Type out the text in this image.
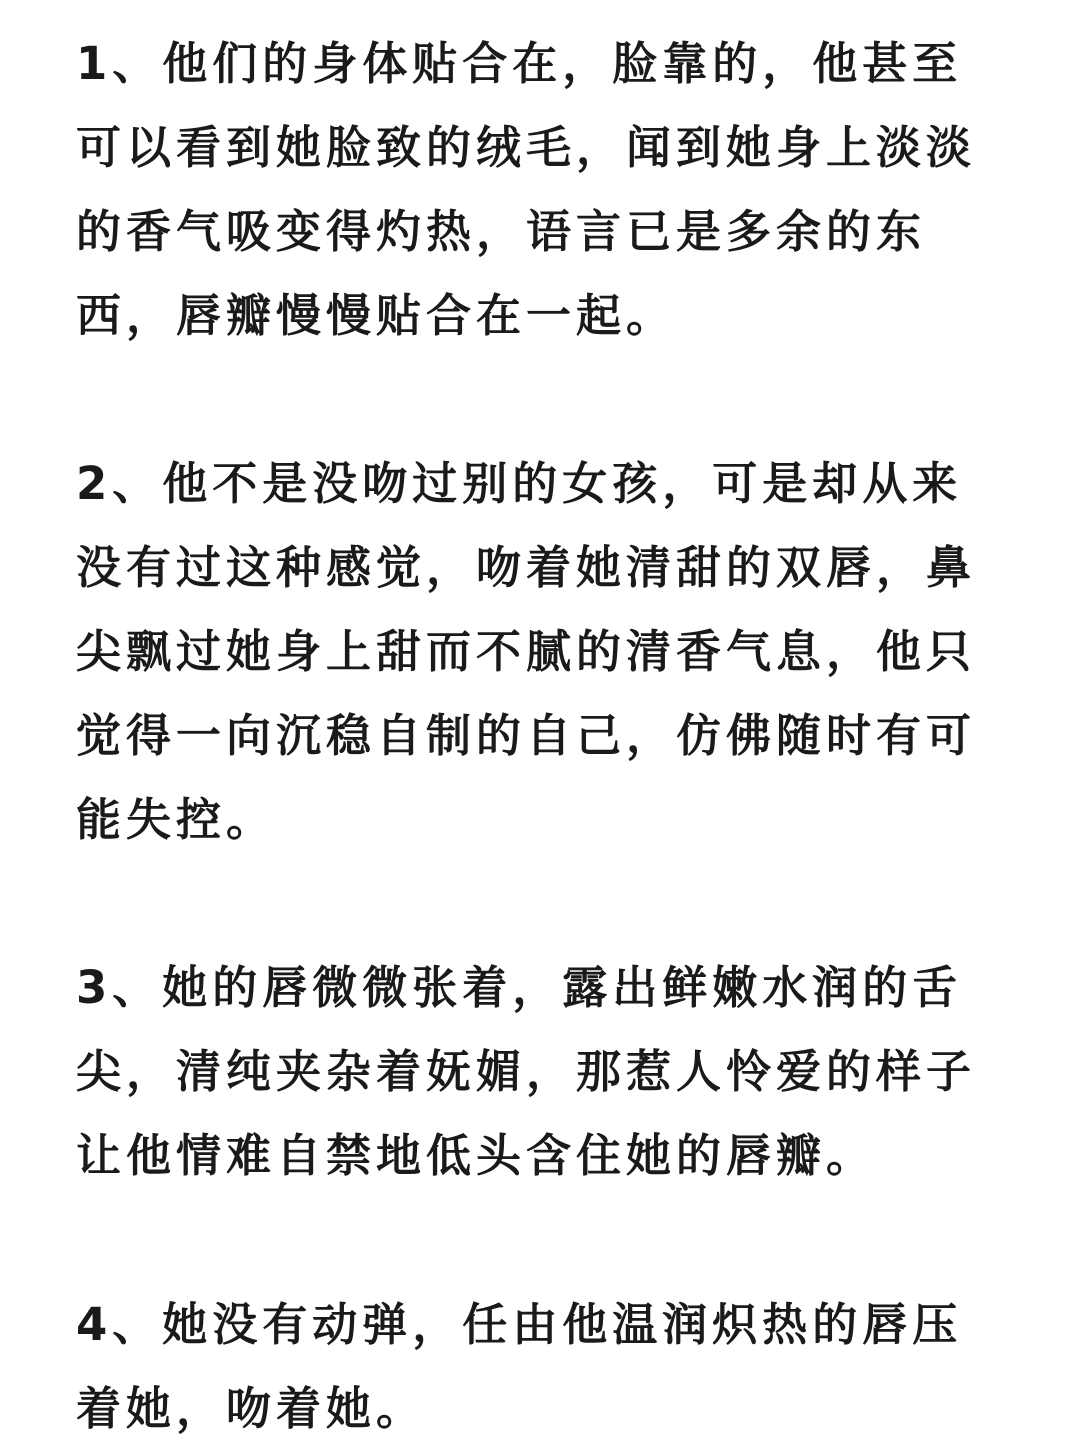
1、他们的身体贴合在，脸靠的，他甚至
可以看到她脸致的绒毛，闻到她身上淡淡
的香气吸变得灼热，语言已是多余的东
西，唇瓣慢慢贴合在一起。
2、他不是没吻过别的女孩，可是却从来
没有过这种感觉，吻着她清甜的双唇，鼻
尖飘过她身上甜而不腻的清香气息，他只
觉得一向沉稳自制的自己，仿佛随时有可
能失控。
3、她的唇微微张着，露出鲜嫩水润的舌
尖，清纯夹杂着妩媚，那惹人怜爱的样子
让他情难自禁地低头含住她的唇瓣。
4、她没有动弹，任由他温润炽热的唇压
着她，吻着她。
